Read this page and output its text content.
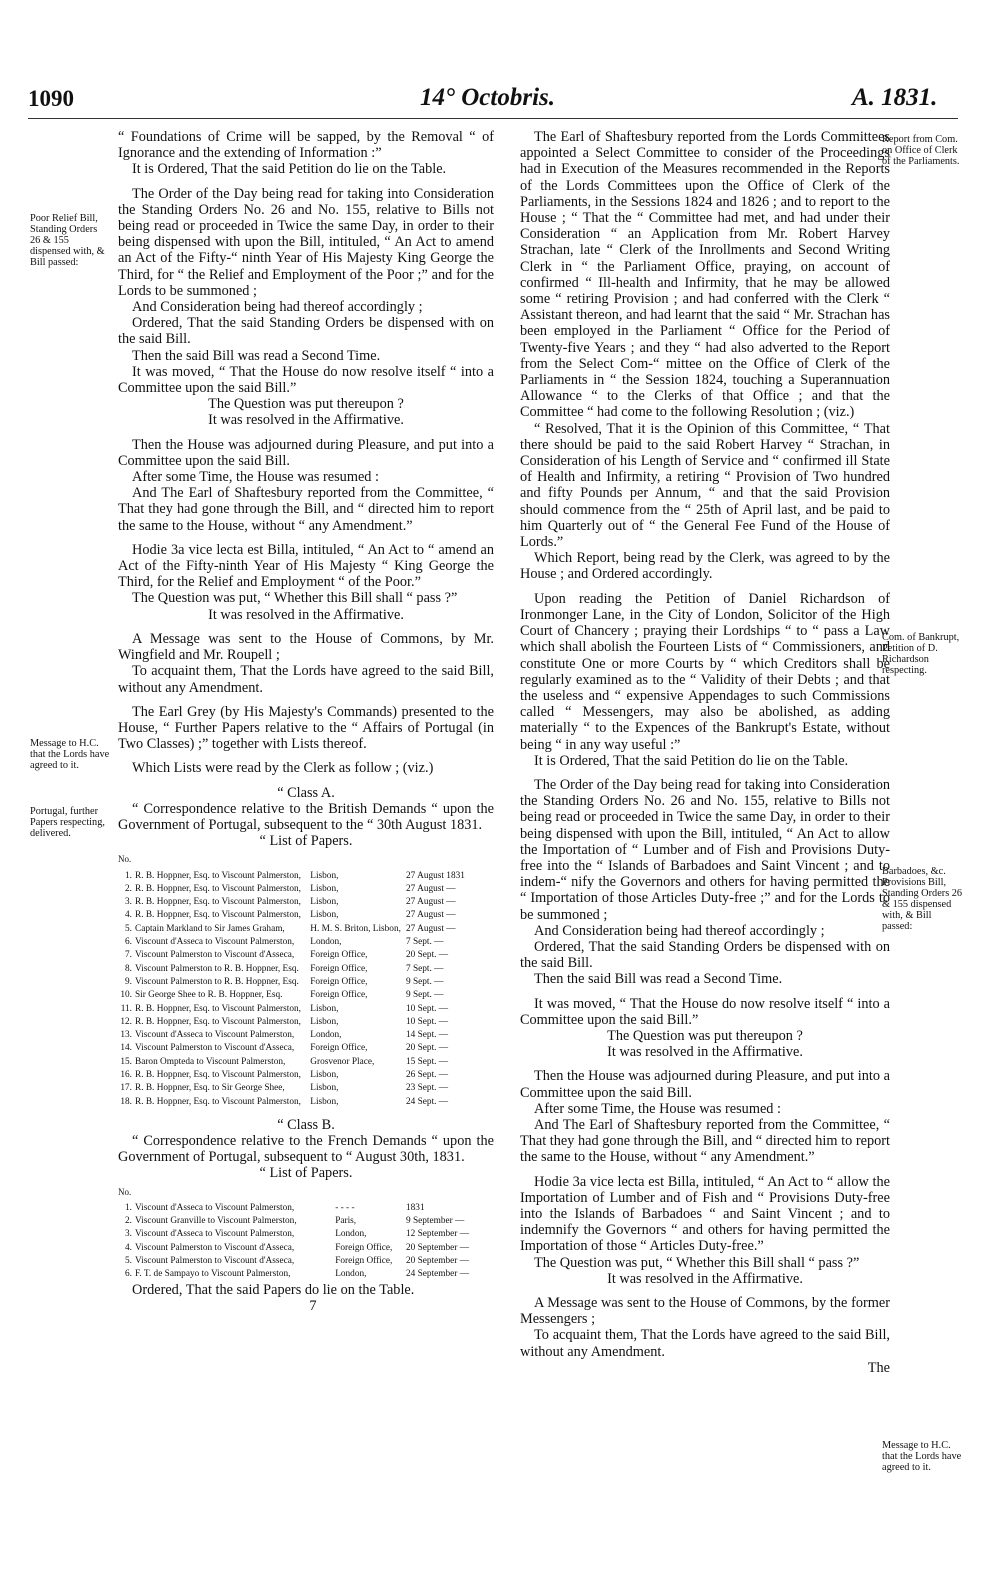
1090	14° Octobris.	A. 1831.
Poor Relief Bill, Standing Orders 26 & 155 dispensed with, & Bill passed:
Message to H.C. that the Lords have agreed to it.
Portugal, further Papers respecting, delivered.
Report from Com. on Office of Clerk of the Parliaments.
Com. of Bankrupt, Petition of D. Richardson respecting.
Barbadoes, &c. Provisions Bill, Standing Orders 26 & 155 dispensed with, & Bill passed:
Message to H.C. that the Lords have agreed to it.

“ Foundations of Crime will be sapped, by the Removal “ of Ignorance and the extending of Information :”

It is Ordered, That the said Petition do lie on the Table.

The Order of the Day being read for taking into Consideration the Standing Orders No. 26 and No. 155, relative to Bills not being read or proceeded in Twice the same Day, in order to their being dispensed with upon the Bill, intituled, “ An Act to amend an Act of the Fifty-“ ninth Year of His Majesty King George the Third, for “ the Relief and Employment of the Poor ;” and for the Lords to be summoned ;

And Consideration being had thereof accordingly ;

Ordered, That the said Standing Orders be dispensed with on the said Bill.

Then the said Bill was read a Second Time.

It was moved, “ That the House do now resolve itself “ into a Committee upon the said Bill.”

The Question was put thereupon ?

It was resolved in the Affirmative.

Then the House was adjourned during Pleasure, and put into a Committee upon the said Bill.

After some Time, the House was resumed :

And The Earl of Shaftesbury reported from the Committee, “ That they had gone through the Bill, and “ directed him to report the same to the House, without “ any Amendment.”

Hodie 3a vice lecta est Billa, intituled, “ An Act to “ amend an Act of the Fifty-ninth Year of His Majesty “ King George the Third, for the Relief and Employment “ of the Poor.”

The Question was put, “ Whether this Bill shall “ pass ?”

It was resolved in the Affirmative.

A Message was sent to the House of Commons, by Mr. Wingfield and Mr. Roupell ;

To acquaint them, That the Lords have agreed to the said Bill, without any Amendment.

The Earl Grey (by His Majesty's Commands) presented to the House, “ Further Papers relative to the “ Affairs of Portugal (in Two Classes) ;” together with Lists thereof.

Which Lists were read by the Clerk as follow ; (viz.)

“ Class A.

“ Correspondence relative to the British Demands “ upon the Government of Portugal, subsequent to the “ 30th August 1831.

“ List of Papers.

No.
1.	R. B. Hoppner, Esq. to Viscount Palmerston,	Lisbon,	27 August 1831
2.	R. B. Hoppner, Esq. to Viscount Palmerston,	Lisbon,	27 August —
3.	R. B. Hoppner, Esq. to Viscount Palmerston,	Lisbon,	27 August —
4.	R. B. Hoppner, Esq. to Viscount Palmerston,	Lisbon,	27 August —
5.	Captain Markland to Sir James Graham,	H. M. S. Briton, Lisbon,	27 August —
6.	Viscount d'Asseca to Viscount Palmerston,	London,	7 Sept. —
7.	Viscount Palmerston to Viscount d'Asseca,	Foreign Office,	20 Sept. —
8.	Viscount Palmerston to R. B. Hoppner, Esq.	Foreign Office,	7 Sept. —
9.	Viscount Palmerston to R. B. Hoppner, Esq.	Foreign Office,	9 Sept. —
10.	Sir George Shee to R. B. Hoppner, Esq.	Foreign Office,	9 Sept. —
11.	R. B. Hoppner, Esq. to Viscount Palmerston,	Lisbon,	10 Sept. —
12.	R. B. Hoppner, Esq. to Viscount Palmerston,	Lisbon,	10 Sept. —
13.	Viscount d'Asseca to Viscount Palmerston,	London,	14 Sept. —
14.	Viscount Palmerston to Viscount d'Asseca,	Foreign Office,	20 Sept. —
15.	Baron Ompteda to Viscount Palmerston,	Grosvenor Place,	15 Sept. —
16.	R. B. Hoppner, Esq. to Viscount Palmerston,	Lisbon,	26 Sept. —
17.	R. B. Hoppner, Esq. to Sir George Shee,	Lisbon,	23 Sept. —
18.	R. B. Hoppner, Esq. to Viscount Palmerston,	Lisbon,	24 Sept. —

“ Class B.

“ Correspondence relative to the French Demands “ upon the Government of Portugal, subsequent to “ August 30th, 1831.

“ List of Papers.

No.
1.	Viscount d'Asseca to Viscount Palmerston,	- - - -	1831
2.	Viscount Granville to Viscount Palmerston,	Paris,	9 September —
3.	Viscount d'Asseca to Viscount Palmerston,	London,	12 September —
4.	Viscount Palmerston to Viscount d'Asseca,	Foreign Office,	20 September —
5.	Viscount Palmerston to Viscount d'Asseca,	Foreign Office,	20 September —
6.	F. T. de Sampayo to Viscount Palmerston,	London,	24 September —

Ordered, That the said Papers do lie on the Table.

7

The Earl of Shaftesbury reported from the Lords Committees appointed a Select Committee to consider of the Proceedings had in Execution of the Measures recommended in the Reports of the Lords Committees upon the Office of Clerk of the Parliaments, in the Sessions 1824 and 1826 ; and to report to the House ; “ That the “ Committee had met, and had under their Consideration “ an Application from Mr. Robert Harvey Strachan, late “ Clerk of the Inrollments and Second Writing Clerk in “ the Parliament Office, praying, on account of confirmed “ Ill-health and Infirmity, that he may be allowed some “ retiring Provision ; and had conferred with the Clerk “ Assistant thereon, and had learnt that the said “ Mr. Strachan has been employed in the Parliament “ Office for the Period of Twenty-five Years ; and they “ had also adverted to the Report from the Select Com-“ mittee on the Office of Clerk of the Parliaments in “ the Session 1824, touching a Superannuation Allowance “ to the Clerks of that Office ; and that the Committee “ had come to the following Resolution ; (viz.)

“ Resolved, That it is the Opinion of this Committee, “ That there should be paid to the said Robert Harvey “ Strachan, in Consideration of his Length of Service and “ confirmed ill State of Health and Infirmity, a retiring “ Provision of Two hundred and fifty Pounds per Annum, “ and that the said Provision should commence from the “ 25th of April last, and be paid to him Quarterly out of “ the General Fee Fund of the House of Lords.”

Which Report, being read by the Clerk, was agreed to by the House ; and Ordered accordingly.

Upon reading the Petition of Daniel Richardson of Ironmonger Lane, in the City of London, Solicitor of the High Court of Chancery ; praying their Lordships “ to “ pass a Law which shall abolish the Fourteen Lists of “ Commissioners, and constitute One or more Courts by “ which Creditors shall be regularly examined as to the “ Validity of their Debts ; and that the useless and “ expensive Appendages to such Commissions called “ Messengers, may also be abolished, as adding materially “ to the Expences of the Bankrupt's Estate, without being “ in any way useful :”

It is Ordered, That the said Petition do lie on the Table.

The Order of the Day being read for taking into Consideration the Standing Orders No. 26 and No. 155, relative to Bills not being read or proceeded in Twice the same Day, in order to their being dispensed with upon the Bill, intituled, “ An Act to allow the Importation of “ Lumber and of Fish and Provisions Duty-free into the “ Islands of Barbadoes and Saint Vincent ; and to indem-“ nify the Governors and others for having permitted the “ Importation of those Articles Duty-free ;” and for the Lords to be summoned ;

And Consideration being had thereof accordingly ;

Ordered, That the said Standing Orders be dispensed with on the said Bill.

Then the said Bill was read a Second Time.

It was moved, “ That the House do now resolve itself “ into a Committee upon the said Bill.”

The Question was put thereupon ?

It was resolved in the Affirmative.

Then the House was adjourned during Pleasure, and put into a Committee upon the said Bill.

After some Time, the House was resumed :

And The Earl of Shaftesbury reported from the Committee, “ That they had gone through the Bill, and “ directed him to report the same to the House, without “ any Amendment.”

Hodie 3a vice lecta est Billa, intituled, “ An Act to “ allow the Importation of Lumber and of Fish and “ Provisions Duty-free into the Islands of Barbadoes “ and Saint Vincent ; and to indemnify the Governors “ and others for having permitted the Importation of those “ Articles Duty-free.”

The Question was put, “ Whether this Bill shall “ pass ?”

It was resolved in the Affirmative.

A Message was sent to the House of Commons, by the former Messengers ;

To acquaint them, That the Lords have agreed to the said Bill, without any Amendment.

The
